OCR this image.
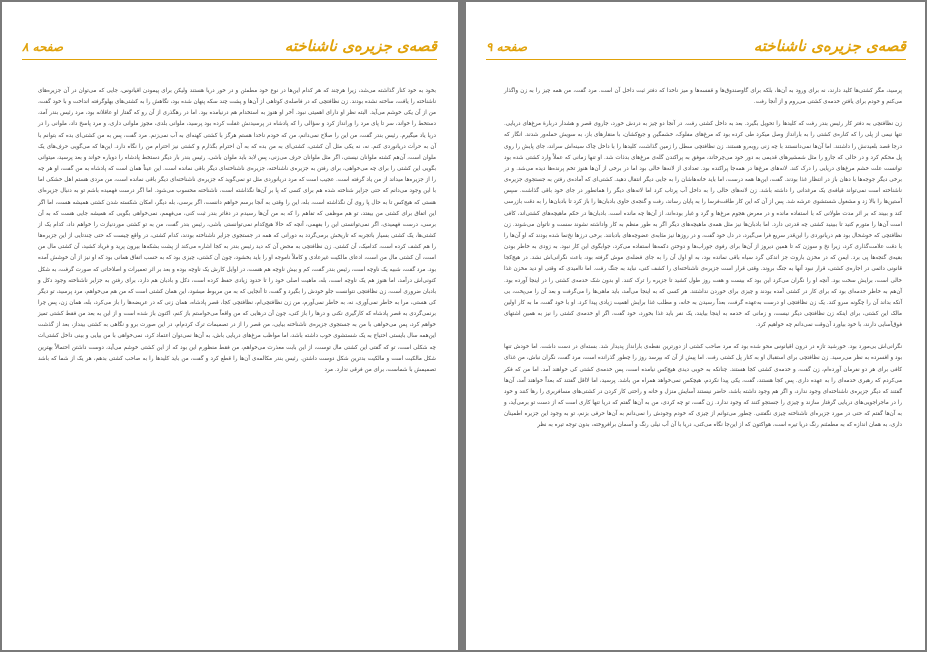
قصه‌ی جزیره‌ی ناشناخته
صفحه ۸

بخود به خود کنار گذاشته می‌شد، زیرا هرچند که هر کدام این‌ها در نوع خود مطمئن و در خور دریا هستند ولیکن برای پیمودن اقیانوس، جایی که می‌توان در آن جزیره‌های ناشناخته را یافت، ساخته نشده بودند. زن نظافتچی که در فاصله‌ی کوتاهی از آن‌ها و پشت چند سکه پنهان شده بود، نگاهش را به کشتی‌های بهلوگرفته انداخت و با خود گفت، من از آن یکی خوشم می‌آید. البته نظر او دارای اهمیتی نبود. آخر او هنوز به استخدام هم درنیامده بود. اما در رهگذری از آن رو که گفتار او عاقلانه بود، مرد رئیس بندر آمد، دستخط را خواند، سر تا پای مرد را ورانداز کرد و سؤالی را که پادشاه در پرسیدنش غفلت کرده بود پرسید، ملوانی بلدی، مجوز ملوانی داری، و مرد پاسخ داد، ملوانی را در دریا یاد میگیرم. رئیس بندر گفت، من این را صلاح نمی‌دانم، من که خودم ناخدا هستم هرگز با کشتی کهنه‌ای به آب نمی‌زنم. مرد گفت، پس به من کشتی‌ای بده که بتوانم با آن به حرأت دریانوردی کنم. نه، نه یکی مثل آن کشتی، کشتی‌ای به من بده که به آن احترام بگذارم و کشتی نیز احترام من را نگاه دارد. این‌ها که می‌گویی حرف‌های یک ملوان است، آن‌هم کشته ملوانان نیستی، اگر مثل ملوانان حرف می‌زنی، پس لابد باید ملوان باشی. رئیس بندر بار دیگر دستخط پادشاه را دوباره خواند و بعد پرسید، میتوانی بگویی این کشتی را برای چه می‌خواهی، برای رفتن به جزیره‌ی ناشناخته، جزیره‌ی ناشناخته‌ای دیگر باقی نمانده است. این عیناً همان است که پادشاه به من گفت، او هر چه را از جزیره‌ها میداند از من یاد گرفته است. عجیب است که مرد دریانوردی مثل تو نمی‌گوید که جزیره‌ی ناشناخته‌ای دیگر باقی نمانده است، من مردی هستم اهل خشکی اما با این وجود می‌دانم که حتی جزایر شناخته شده هم برای کسی که پا بر آن‌ها نگذاشته است، ناشناخته محسوب می‌شود. اما اگر درست فهمیده باشم تو به دنبال جزیره‌ای هستی که هیچ‌کس تا به حال پا روی آن نگذاشته است، بله، این را وقتی به آنجا برسم خواهم دانست، اگر برسی، بله دیگر، امکان شکسته شدن کشتی همیشه هست، اما اگر این اتفاق برای کشتی من بیفتد، تو هم موظفی که تفاهم را که به من آن‌ها رسیدم در دفاتر بندر ثبت کنی، می‌فهمم، نمی‌خواهی بگویی که همیشه جایی هست که به آن برسی، درست فهمیدی، اگر نمی‌توانستی این را بفهمی، آنچه که حالا هیچ‌کدام نمی‌توانستی باشی، رئیس بندر گفت، من به تو کشتی موردنیازت را خواهم داد، کدام یک از کشتی‌ها، یک کشتی بسیار باتجربه که تاریخش برمی‌گردد به دورانی که همه در جستجوی جزایر ناشناخته بودند، کدام کشتی، در واقع چیست که حتی چندتایی از این جزیره‌ها را هم کشف کرده است، کدامیک، آن کشتی. زن نظافتچی به محض آن که دید رئیس بندر به کجا اشاره می‌کند از پشت بشکه‌ها بیرون پرید و فریاد کشید، آن کشتی مال من است، آن کشتی مال من است، ادعای مالکیت غیرعادی و کاملاً ناموجه او را باید بخشود، چون آن کشتی، چیزی بود که به حسب اتفاق همانی بود که او نیز از آن خوشش آمده بود. مرد گفت، شبیه یک ناوچه است، رئیس بندر گفت، کم و بیش ناوچه هم هست، در اوایل کارش یک ناوچه بوده و بعد بر اثر تعمیرات و اصلاحاتی که صورت گرفت، به شکل کنونی‌اش درآمد، اما هنوز هم یک ناوچه است، بله، ماهیت اصلی خود را تا حدود زیادی حفظ کرده است، دکل و بادبان هم دارد، برای رفتن به جزایر ناشناخته وجود دکل و بادبان ضروری است، زن نظافتچی نتوانست جلو خودش را بگیرد و گفت، تا آنجایی که به من مربوط میشود، این همان کشتی است که من هم می‌خواهم، مرد پرسید، تو دیگر کی هستی، مرا به خاطر نمی‌آوری، نه، به خاطر نمی‌آورم، من زن نظافتچی‌ام، نظافتچی کجا، قصر پادشاه، همان زنی که در عریضه‌ها را باز می‌کرد، بله، همان زن، پس چرا برنمی‌گردی به قصر پادشاه که کارگیری نکنی و درها را باز کنی، چون آن درهایی که من واقعاً می‌خواستم باز کنم، اکنون باز شده است و از این به بعد من فقط کشتی تمیز خواهم کرد، پس می‌خواهی با من به جستجوی جزیره‌ی ناشناخته بیایی، من قصر را از در تصمیمات ترک کردم‌ام، در این صورت برو و نگاهی به کشتی بینداز، بعد از گذشت این‌همه سال بایستی احتیاج به یک شستشوی خوب داشته باشد، اما مواظب مرغ‌های دریایی باش، به آن‌ها نمی‌توان اعتماد کرد، نمی‌خواهی با من بیایی و بینی داخل کشتی‌ات چه شکلی است، تو که گفتی این کشتی مال توست، از این بابت معذرت می‌خواهم، من فقط منظورم این بود که از این کشتی خوشم می‌آید، دوست داشتن احتمالاً بهترین شکل مالکیت است و مالکیت بدترین شکل دوست داشتن. رئیس بندر مکالمه‌ی آن‌ها را قطع کرد و گفت، من باید کلیدها را به صاحب کشتی بدهم، هر یک از شما که باشد تصمیمش با شماست، برای من فرقی ندارد. مرد

قصه‌ی جزیره‌ی ناشناخته
صفحه ۹

پرسید، مگر کشتی‌ها کلید دارند، نه برای ورود به آن‌ها، بلکه برای گاوصندوق‌ها و قفسه‌ها و میز ناخدا که دفتر ثبت داخل آن است. مرد گفت، من همه چیز را به زن واگذار می‌کنم و خودم برای یافتن خدمه‌ی کشتی می‌روم و از آنجا رفت.

زن نظافتچی به دفتر کار رئیس بندر رفت که کلیدها را تحویل بگیرد. بعد به داخل کشتی رفت. در آنجا دو چیز به دردش خورد، جاروی قصر و هشدار دربارهٔ مرغ‌های دریایی. تنها نیمی از پلی را که کناره‌ی کشتی را به بارانداز وصل میکرد طی کرده بود که مرغ‌های مفلوک، خشمگین و جیغ‌کشان، با منقارهای باز، به سویش حمله‌ور شدند. انگار که درجا قصد بلعیدنش را داشتند. اما آن‌ها نمی‌دانستند با چه زنی روبه‌رو هستند. زن نظافتچی سطل را زمین گذاشت، کلیدها را با داخل چاک سینه‌اش سراند، جای پایش را روی پل محکم کرد و در حالی که جارو را مثل شمشیرهای قدیمی به دور خود می‌چرخاند، موفق به پراکندن گله‌ی مرغ‌های بدذات شد. او تنها زمانی که عملاً وارد کشتی شده بود توانست علت خشم مرغ‌های دریایی را درک کند. لانه‌های مرغ‌ها در همه‌جا پراکنده بود. تعدادی از لانه‌ها خالی بود اما در برخی از آن‌ها هنوز تخم پرنده‌ها دیده می‌شد. و در برخی دیگر جوجه‌ها با دهان باز در انتظار غذا بودند. گفت، این‌ها همه درست، اما باید خانه‌هاشان را به جایی دیگر انتقال دهید. کشتی‌ای که آماده‌ی رفتن به جستجوی جزیره‌ی ناشناخته است نمی‌تواند قیافه‌ی یک مرغدانی را داشته باشد. زن لانه‌های خالی را به داخل آب پرتاب کرد اما لانه‌های دیگر را همانطور در جای خود باقی گذاشت. سپس آستین‌ها را بالا زد و مشغول شستشوی عرشه شد. پس از آن که این کار طاقت‌فرسا را به پایان رساند، رفت و گنجه‌ی حاوی بادبان‌ها را باز کرد تا بادبان‌ها را به دقت بازرسی کند و ببیند که بر اثر مدت طولانی که با استفاده مانده و در معرض هجوم مرغ‌ها و گرد و غبار بوده‌اند، از آن‌ها چه مانده است. بادبان‌ها در حکم ماهیچه‌های کشتی‌اند، کافی است آن‌ها را متورم کنید تا ببینید کشتی چه قدرتی دارد. اما بادبان‌ها نیز مثل همه‌ی ماهیچه‌های دیگر اگر به طور منظم به کار واداشته نشوند سست و ناتوان می‌شوند. زن نظافتچی که خوشحال بود هم دریانوردی را این‌قدر سریع فرا می‌گیرد، در دل خود گفت، و در روزها نیز مثابه‌ی عضوچه‌های بادبانند. برخی درزها نخ‌نما شده بودند که او آن‌ها را با دقت علامت‌گذاری کرد، زیرا نخ و سوزن که تا همین دیروز از آن‌ها برای رفوی جوراب‌ها و دوختن دکمه‌ها استفاده می‌کرد، جوابگوی این کار نبود. به زودی به خاطر بودن بقیه‌ی گنجه‌ها پی برد. ایمن که در مخزن باروت جز اندکی گرد سیاه باقی نمانده بود، به او اول آن را به جای فضله‌ی موش گرفته بود، باعث نگرانی‌اش نشد. در هیچ‌کجا قانونی دائمی در اجاره‌ی کشتی، قرار نبود آنها به جنگ بروند. وقتی قرار است جزیره‌ی ناشناخته‌ای را کشف کنی، نباید به جنگ رفت. اما ناامیدی که وقتی او دید مخزن غذا خالی است، برایش سخت بود. آنچه او را نگران می‌کرد این بود که بیست و هفت روز طول کشید تا جزیره را ترک کنند. او بدون شک خدمه‌ی کشتی را در اینجا آورده بود. آن‌هم به خاطر خدمه‌ای بود که برای کار در کشتی آمده بودند و چیزی برای خوردن نداشتند. هر کسی که به اینجا می‌آمد، باید ماهی‌ها را می‌گرفت و بعد آن را می‌پخت، بی آنکه بداند آن را چگونه سرو کند. یک زن نظافتچی او درست به‌عهده گرفت، بعداً رسیدن به خانه، و مطلب غذا برایش اهمیت زیادی پیدا کرد. او با خود گفت، ما به کار اولین مالک این کشتی، برای اینکه زن نظافتچی دیگر نیست، و زمانی که خدمه به اینجا بیایند، یک نفر باید غذا بخورد، خود گفت، اگر او خدمه‌ی کشتی را نیز به همین اشتهای فوق‌آسایی دارند، با خود بیاورد آن‌وقت نمی‌دانم چه خواهیم کرد.

نگرانی‌اش بی‌مورد بود. خورشید تازه در درون اقیانوس محو شده بود که مرد صاحب کشتی از دورترین نقطه‌ی بارانداز پدیدار شد. بسته‌ای در دست داشت. اما خودش تنها بود و افسرده به نظر می‌رسید. زن نظافتچی برای استقبال او به کنار پل کشتی رفت. اما پیش از آن که بپرسد روز را چطور گذرانده است، مرد گفت، نگران نباش، من غذای کافی برای هر دو نفرمان آورده‌ام، زن گفت، و خدمه‌ی کشتی کجا هستند. چنانکه به خوبی دیدی هیچ‌کس نیامده است، پس خدمه‌ی کشتی کی خواهند آمد. اما من که فکر می‌کردم که رهبری خدمه‌ای را به عهده داری. پس کجا هستند، گفت، یکی پیدا نکردم، هیچکس نمی‌خواهد همراه من باشد. پرسید، اما لااقل گفتند که بعداً خواهند آمد، آن‌ها گفتند که دیگر جزیره‌ی ناشناخته‌ای وجود ندارد، و اگر هم وجود داشته باشد، حاضر نیستند آسایش منزل و خانه و راحتی کار کردن در کشتی‌های مسافربری را رها کنند و خود را در ماجراجویی‌های دریایی گرفتار سازند و چیزی را جستجو کنند که وجود ندارد. زن گفت، تو چه کردی، من به آن‌ها گفتم که دریا تنها کاری است که از دست تو برمی‌آید، و به آن‌ها گفتم که حتی در مورد جزیره‌ای ناشناخته چیزی نگفتنی. چطور می‌توانم از چیزی که خودم وجودش را نمی‌دانم به آن‌ها حرفی بزنم، تو به وجود این جزیره اطمینان داری، به همان اندازه که به مطمئنم رنگ دریا تیره است، هوا‌کتون که از این‌جا نگاه می‌کنی، دریا با آن آب نیلی رنگ و آسمان برافروخته، بدون توجه تیره به نظر
